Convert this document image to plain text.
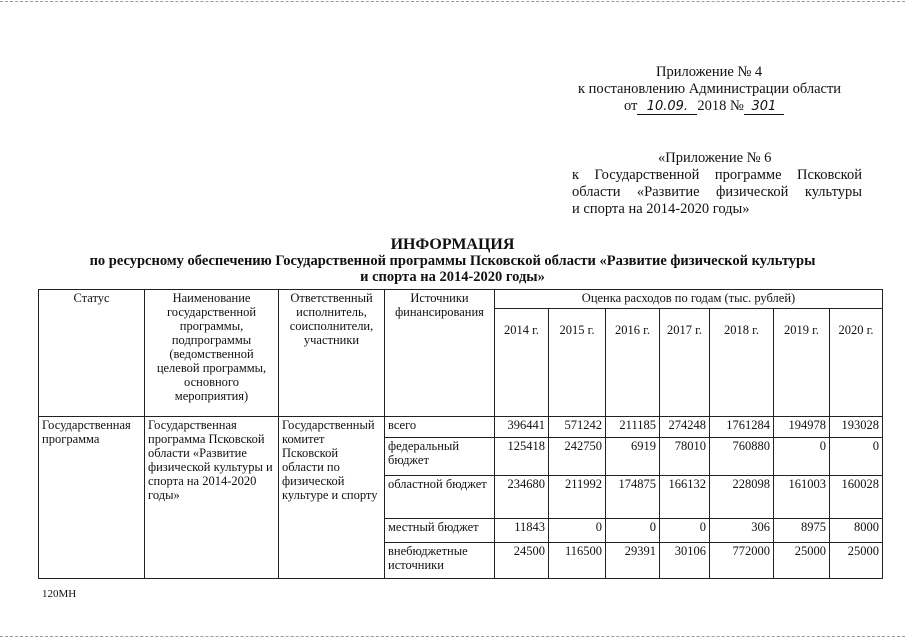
Приложение № 4
к постановлению Администрации области
от 10.09. 2018 № 301
«Приложение № 6
к Государственной программе Псковской
области «Развитие физической культуры
и спорта на 2014-2020 годы»
ИНФОРМАЦИЯ
по ресурсному обеспечению Государственной программы Псковской области «Развитие физической культуры
и спорта на 2014-2020 годы»
Статус	Наименование государственной программы, подпрограммы (ведомственной целевой программы, основного мероприятия)	Ответственный исполнитель, соисполнители, участники	Источники финансирования	Оценка расходов по годам (тыс. рублей)						
				2014 г.	2015 г.	2016 г.	2017 г.	2018 г.	2019 г.	2020 г.
Государственная программа	Государственная программа Псковской области «Развитие физической культуры и спорта на 2014-2020 годы»	Государственный комитет Псковской области по физической культуре и спорту	всего	396441	571242	211185	274248	1761284	194978	193028
			федеральный бюджет	125418	242750	6919	78010	760880	0	0
			областной бюджет	234680	211992	174875	166132	228098	161003	160028
			местный бюджет	11843	0	0	0	306	8975	8000
			внебюджетные источники	24500	116500	29391	30106	772000	25000	25000
120МН
